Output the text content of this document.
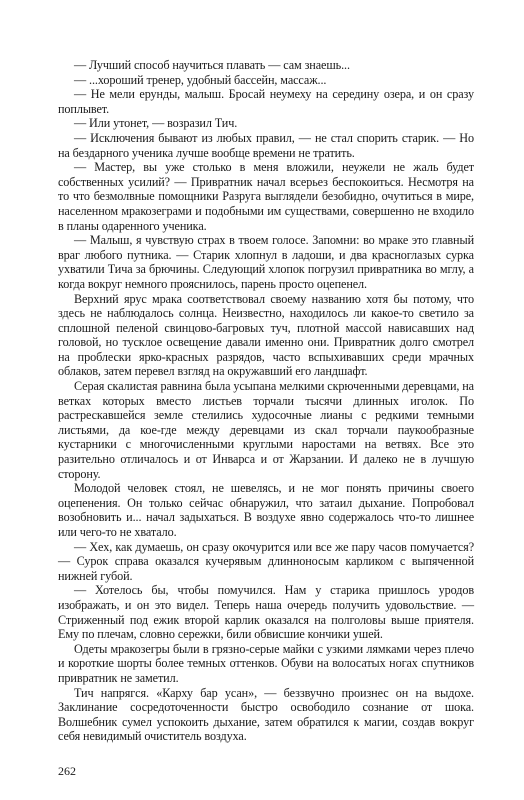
— Лучший способ научиться плавать — сам знаешь...

— ...хороший тренер, удобный бассейн, массаж...

— Не мели ерунды, малыш. Бросай неумеху на середину озера, и он сразу поплывет.

— Или утонет, — возразил Тич.

— Исключения бывают из любых правил, — не стал спорить старик. — Но на бездарного ученика лучше вообще времени не тратить.

— Мастер, вы уже столько в меня вложили, неужели не жаль будет собственных усилий? — Привратник начал всерьез беспокоиться. Несмотря на то что безмолвные помощники Разруга выглядели безобидно, очутиться в мире, населенном мракозеграми и подобными им существами, совершенно не входило в планы одаренного ученика.

— Малыш, я чувствую страх в твоем голосе. Запомни: во мраке это главный враг любого путника. — Старик хлопнул в ладоши, и два красноглазых сурка ухватили Тича за брючины. Следующий хлопок погрузил привратника во мглу, а когда вокруг немного прояснилось, парень просто оцепенел.

Верхний ярус мрака соответствовал своему названию хотя бы потому, что здесь не наблюдалось солнца. Неизвестно, находилось ли какое-то светило за сплошной пеленой свинцово-багровых туч, плотной массой нависавших над головой, но тусклое освещение давали именно они. Привратник долго смотрел на проблески ярко-красных разрядов, часто вспыхивавших среди мрачных облаков, затем перевел взгляд на окружавший его ландшафт.

Серая скалистая равнина была усыпана мелкими скрюченными деревцами, на ветках которых вместо листьев торчали тысячи длинных иголок. По растрескавшейся земле стелились худосочные лианы с редкими темными листьями, да кое-где между деревцами из скал торчали паукообразные кустарники с многочисленными круглыми наростами на ветвях. Все это разительно отличалось и от Инварса и от Жарзании. И далеко не в лучшую сторону.

Молодой человек стоял, не шевелясь, и не мог понять причины своего оцепенения. Он только сейчас обнаружил, что затаил дыхание. Попробовал возобновить и... начал задыхаться. В воздухе явно содержалось что-то лишнее или чего-то не хватало.

— Хех, как думаешь, он сразу окочурится или все же пару часов помучается? — Сурок справа оказался кучерявым длинноносым карликом с выпяченной нижней губой.

— Хотелось бы, чтобы помучился. Нам у старика пришлось уродов изображать, и он это видел. Теперь наша очередь получить удовольствие. — Стриженный под ежик второй карлик оказался на полголовы выше приятеля. Ему по плечам, словно сережки, били обвисшие кончики ушей.

Одеты мракозегры были в грязно-серые майки с узкими лямками через плечо и короткие шорты более темных оттенков. Обуви на волосатых ногах спутников привратник не заметил.

Тич напрягся. «Карху бар усан», — беззвучно произнес он на выдохе. Заклинание сосредоточенности быстро освободило сознание от шока. Волшебник сумел успокоить дыхание, затем обратился к магии, создав вокруг себя невидимый очиститель воздуха.

262
